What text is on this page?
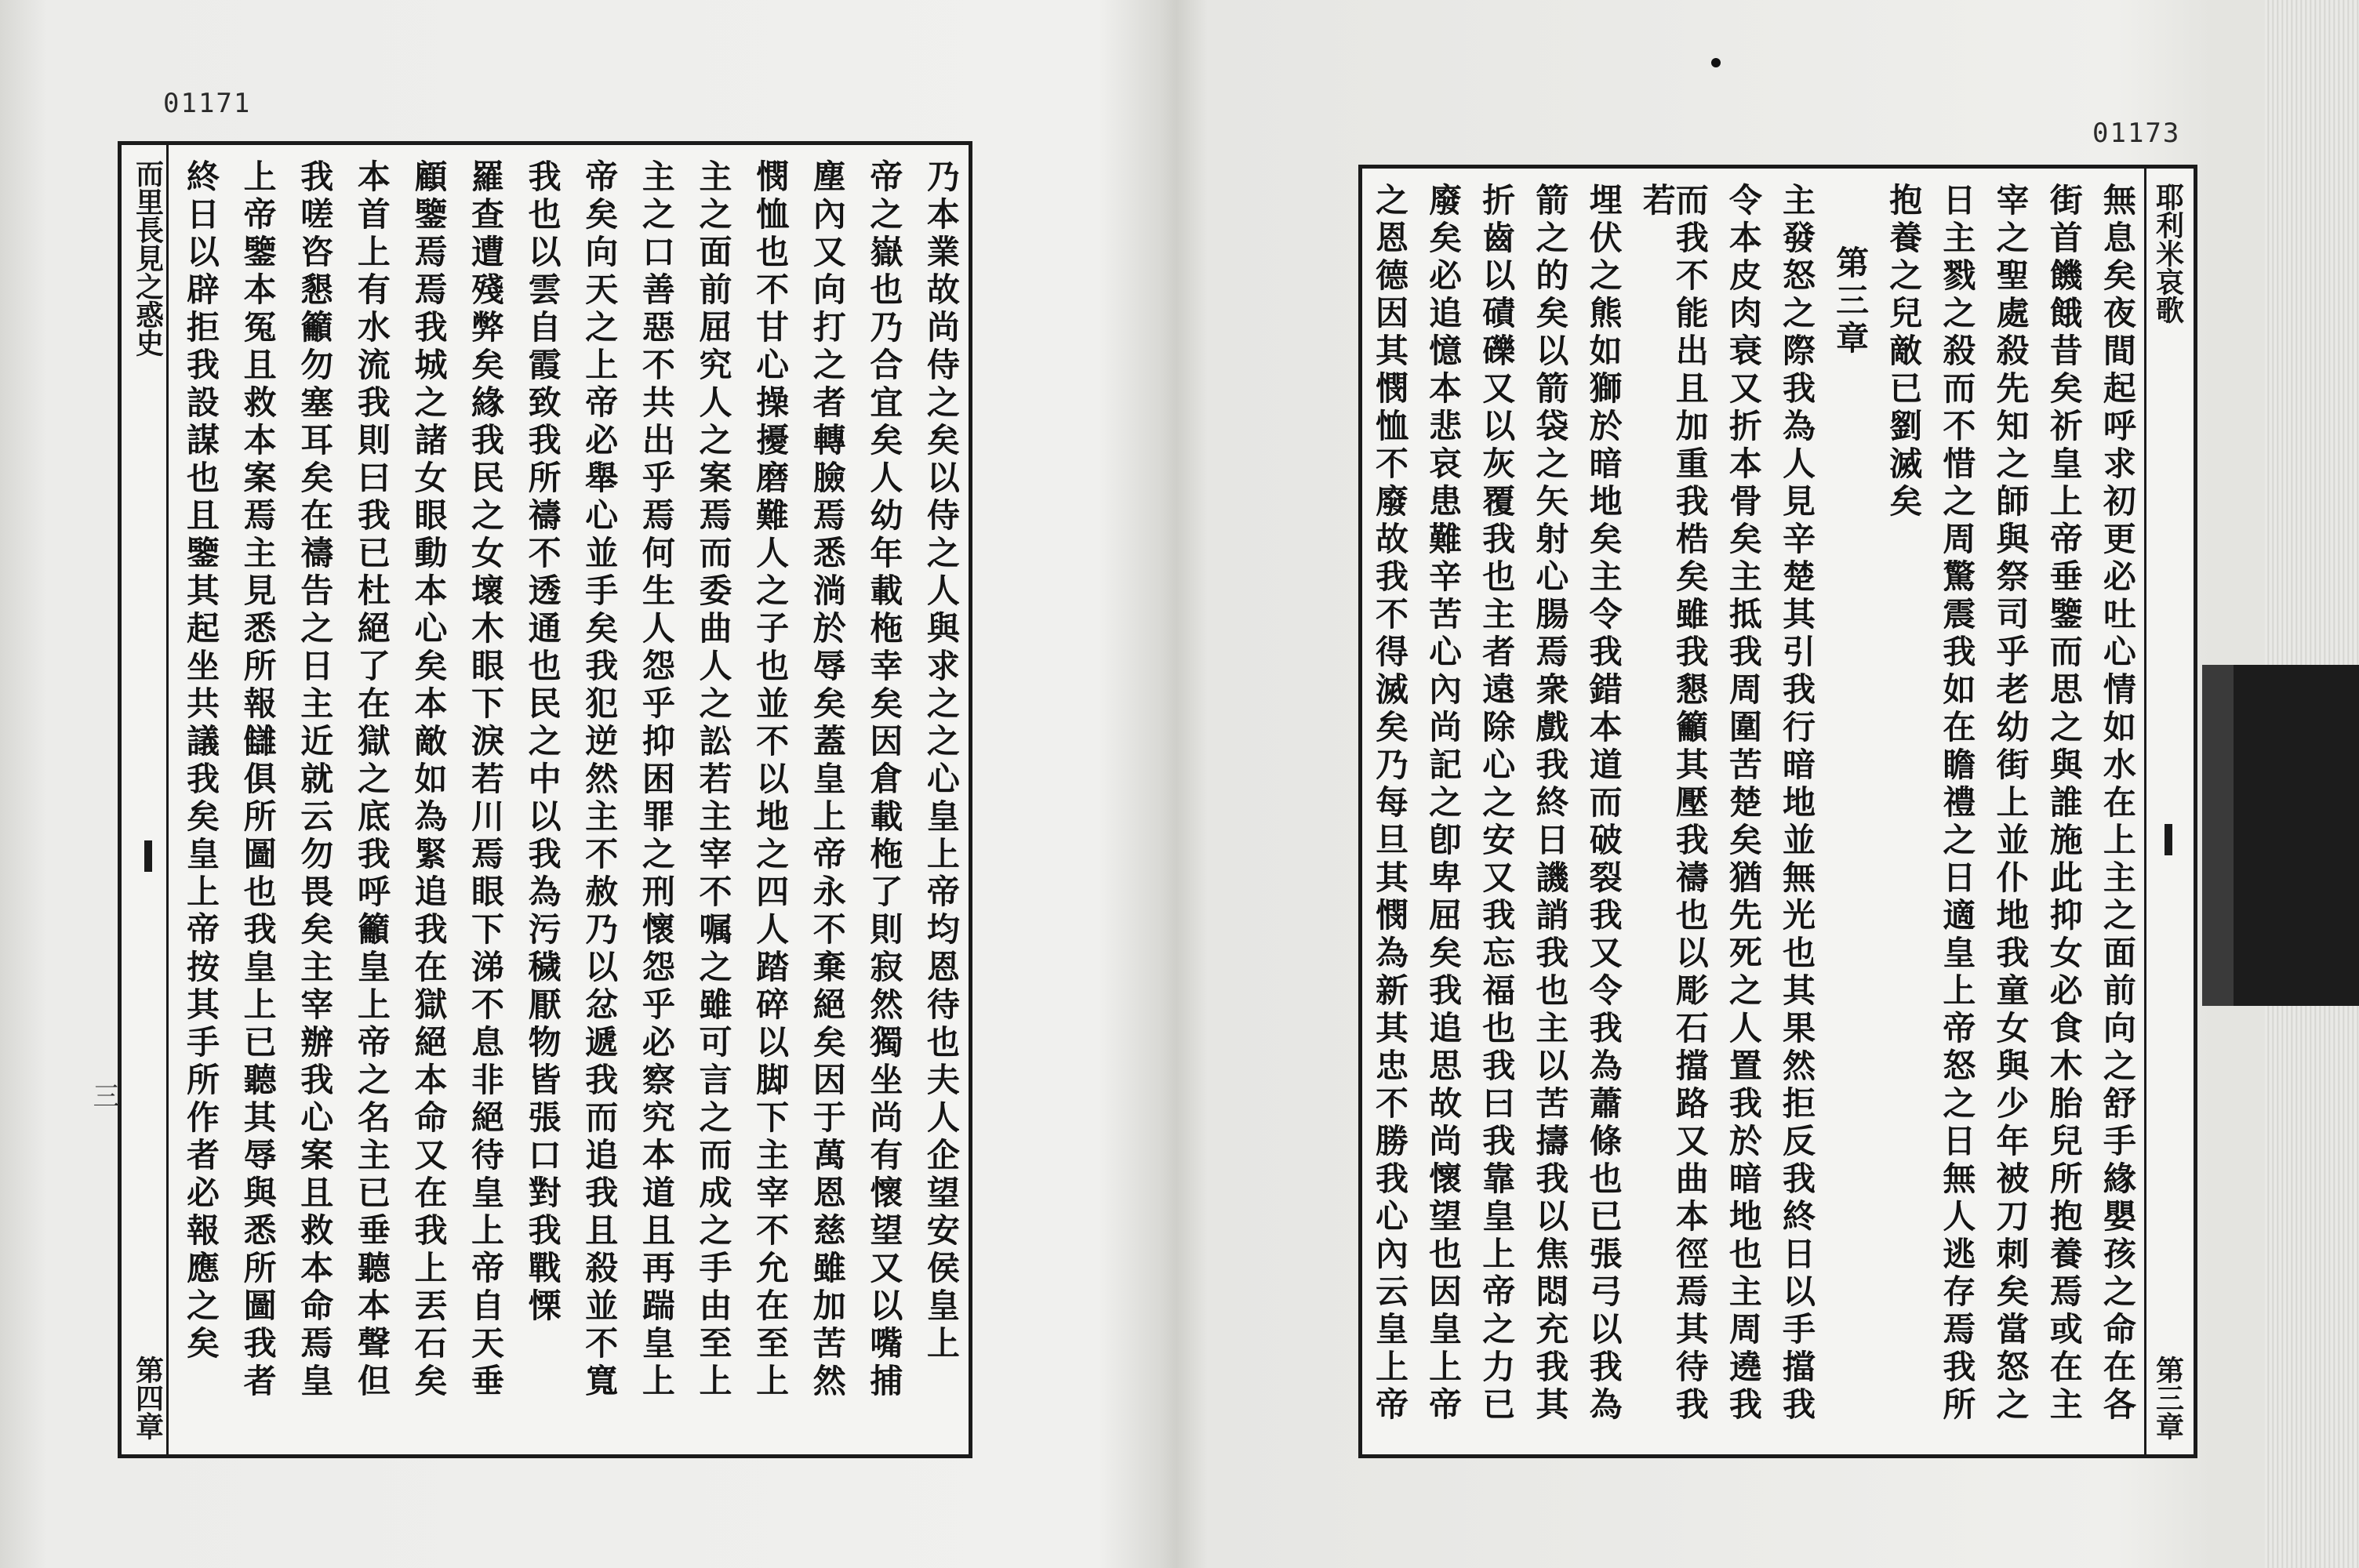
01171
而里長見之惑史
第四章
乃本業故尚侍之矣以侍之人與求之之心皇上帝均恩待也夫人企望安侯皇上
帝之嶽也乃合宜矣人幼年載柂幸矣因倉載柂了則寂然獨坐尚有懷望又以嘴捕
塵內又向打之者轉臉焉悉淌於辱矣蓋皇上帝永不棄絕矣因于萬恩慈雖加苦然
憫恤也不甘心操擾磨難人之子也並不以地之四人踏碎以脚下主宰不允在至上
主之面前屈究人之案焉而委曲人之訟若主宰不嘱之雖可言之而成之手由至上
主之口善惡不共出乎焉何生人怨乎抑困罪之刑懷怨乎必察究本道且再踹皇上
帝矣向天之上帝必舉心並手矣我犯逆然主不赦乃以忿遞我而追我且殺並不寬
我也以雲自霞致我所禱不透通也民之中以我為污穢厭物皆張口對我戰慄
羅查遭殘弊矣緣我民之女壞木眼下淚若川焉眼下涕不息非絕待皇上帝自天垂
顧鑒焉焉我城之諸女眼動本心矣本敵如為緊追我在獄絕本命又在我上丟石矣
本首上有水流我則曰我已杜絕了在獄之底我呼籲皇上帝之名主已垂聽本聲但
我嗟咨懇籲勿塞耳矣在禱告之日主近就云勿畏矣主宰辦我心案且救本命焉皇
上帝鑒本冤且救本案焉主見悉所報讎俱所圖也我皇上已聽其辱與悉所圖我者
終日以辟拒我設謀也且鑒其起坐共議我矣皇上帝按其手所作者必報應之矣
三
01173
耶利米哀歌
第三章
無息矣夜間起呼求初更必吐心情如水在上主之面前向之舒手緣嬰孩之命在各
街首饑餓昔矣祈皇上帝垂鑒而思之與誰施此抑女必食木胎兒所抱養焉或在主
宰之聖處殺先知之師與祭司乎老幼街上並仆地我童女與少年被刀刺矣當怒之
日主戮之殺而不惜之周驚震我如在瞻禮之日適皇上帝怒之日無人逃存焉我所
抱養之兒敵已劉滅矣
第三章
主發怒之際我為人見辛楚其引我行暗地並無光也其果然拒反我終日以手擋我
令本皮肉衰又折本骨矣主抵我周圍苦楚矣猶先死之人置我於暗地也主周遶我
而我不能出且加重我梏矣雖我懇籲其壓我禱也以彫石擋路又曲本徑焉其待我若
埋伏之熊如獅於暗地矣主令我錯本道而破裂我又令我為蕭條也已張弓以我為
箭之的矣以箭袋之矢射心腸焉衆戲我終日譏誚我也主以苦擣我以焦悶充我其
折齒以磧礫又以灰覆我也主者遠除心之安又我忘福也我曰我靠皇上帝之力已
廢矣必追憶本悲哀患難辛苦心內尚記之卽卑屈矣我追思故尚懷望也因皇上帝
之恩德因其憫恤不廢故我不得滅矣乃每旦其憫為新其忠不勝我心內云皇上帝
